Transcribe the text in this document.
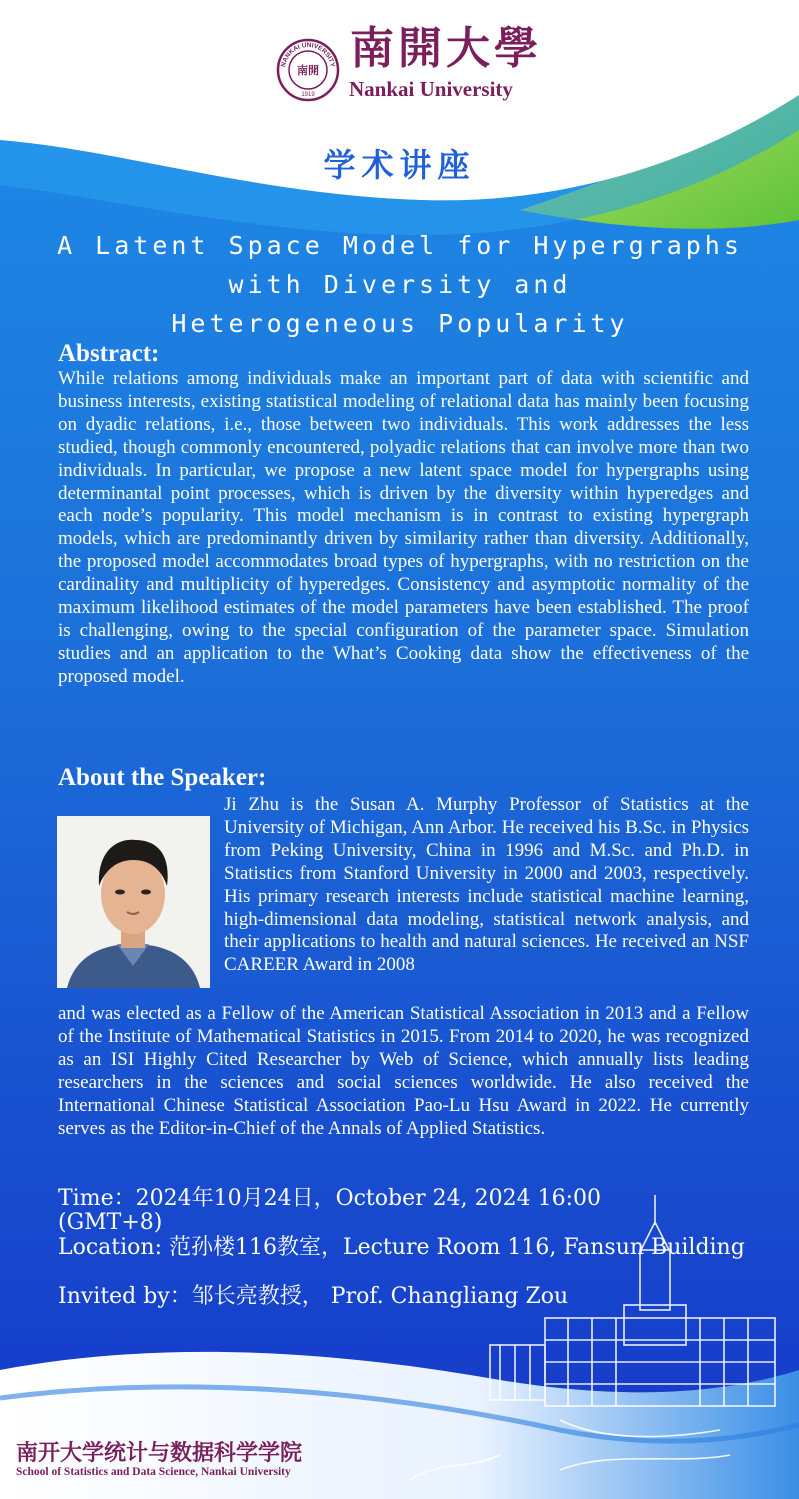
NANKAI UNIVERSITY
南開
1919
南開大學
Nankai University
学术讲座
A Latent Space Model for Hypergraphs
with Diversity and
Heterogeneous Popularity
Abstract:
While relations among individuals make an important part of data with scientific and business interests, existing statistical modeling of relational data has mainly been focusing on dyadic relations, i.e., those between two individuals. This work addresses the less studied, though commonly encountered, polyadic relations that can involve more than two individuals. In particular, we propose a new latent space model for hypergraphs using determinantal point processes, which is driven by the diversity within hyperedges and each node’s popularity. This model mechanism is in contrast to existing hypergraph models, which are predominantly driven by similarity rather than diversity. Additionally, the proposed model accommodates broad types of hypergraphs, with no restriction on the cardinality and multiplicity of hyperedges. Consistency and asymptotic normality of the maximum likelihood estimates of the model parameters have been established. The proof is challenging, owing to the special configuration of the parameter space. Simulation studies and an application to the What’s Cooking data show the effectiveness of the proposed model.
About the Speaker:
Ji Zhu is the Susan A. Murphy Professor of Statistics at the University of Michigan, Ann Arbor. He received his B.Sc. in Physics from Peking University, China in 1996 and M.Sc. and Ph.D. in Statistics from Stanford University in 2000 and 2003, respectively. His primary research interests include statistical machine learning, high-dimensional data modeling, statistical network analysis, and their applications to health and natural sciences. He received an NSF CAREER Award in 2008
and was elected as a Fellow of the American Statistical Association in 2013 and a Fellow of the Institute of Mathematical Statistics in 2015. From 2014 to 2020, he was recognized as an ISI Highly Cited Researcher by Web of Science, which annually lists leading researchers in the sciences and social sciences worldwide. He also received the International Chinese Statistical Association Pao-Lu Hsu Award in 2022. He currently serves as the Editor-in-Chief of the Annals of Applied Statistics.
Time：2024年10月24日，October 24, 2024 16:00 (GMT+8)
Location: 范孙楼116教室，Lecture Room 116, Fansun Building
Invited by：邹长亮教授， Prof. Changliang Zou
南开大学统计与数据科学学院
School of Statistics and Data Science, Nankai University
